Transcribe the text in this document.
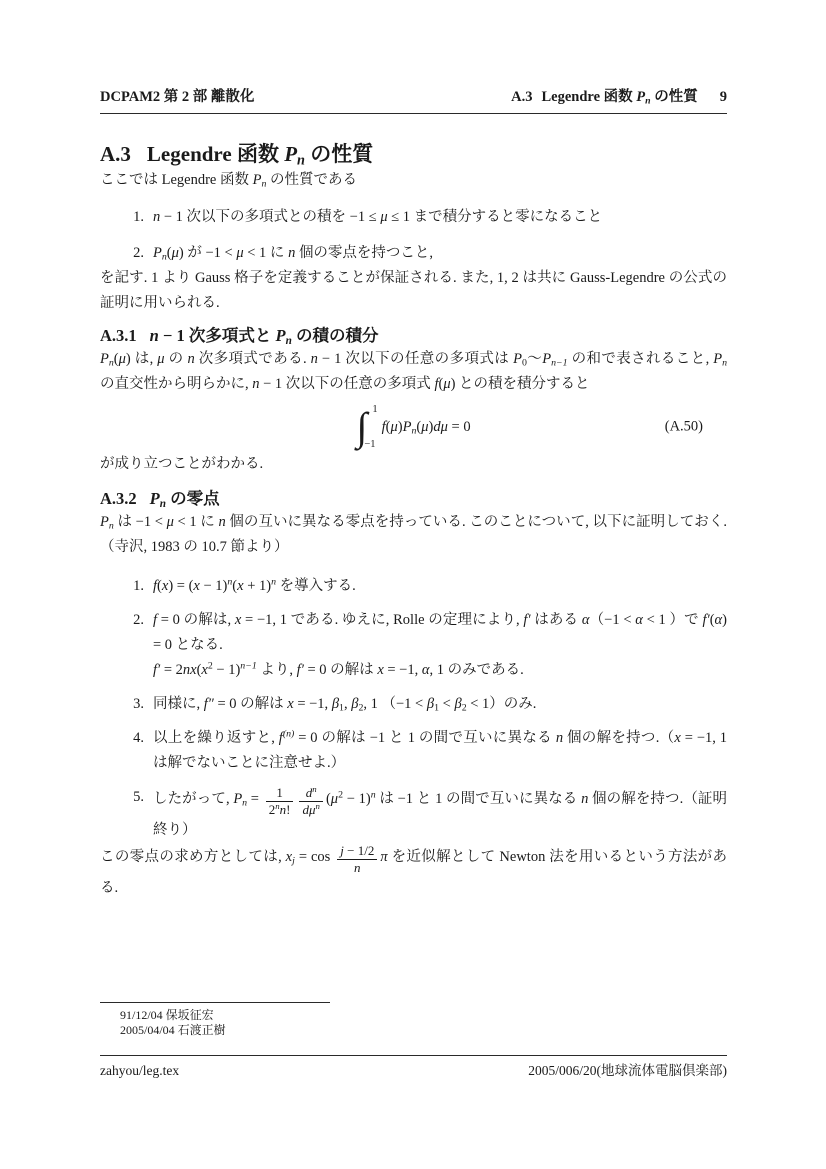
DCPAM2 第 2 部 離散化	A.3 Legendre 函数 $P_n$ の性質 9
A.3 Legendre 函数 $P_n$ の性質

ここでは Legendre 函数 $P_n$ の性質である

1. n − 1 次以下の多項式との積を −1 ≤ μ ≤ 1 まで積分すると零になること
2. $P_n(\mu)$ が −1 < μ < 1 に n 個の零点を持つこと,

を記す. 1 より Gauss 格子を定義することが保証される. また, 1, 2 は共に Gauss-Legendre の公式の証明に用いられる.

A.3.1 n − 1 次多項式と $P_n$ の積の積分

$P_n(\mu)$ は, μ の n 次多項式である. n − 1 次以下の任意の多項式は $P_0$〜$P_{n-1}$ の和で表されること, $P_n$ の直交性から明らかに, n − 1 次以下の任意の多項式 f(μ) との積を積分すると

∫ 1
−1
$f(\mu)P_n(\mu)d\mu = 0$	(A.50)

が成り立つことがわかる.

A.3.2 $P_n$ の零点

$P_n$ は −1 < μ < 1 に n 個の互いに異なる零点を持っている. このことについて, 以下に証明しておく. （寺沢, 1983 の 10.7 節より）

1. $f(x) = (x - 1)^n(x + 1)^n$ を導入する.
2. f = 0 の解は, x = −1, 1 である. ゆえに, Rolle の定理により, f′ はある α（−1 < α < 1 ）で f′(α) = 0 となる.
$f' = 2nx(x^2 - 1)^{n-1}$ より, f′ = 0 の解は x = −1, α, 1 のみである.
3. 同様に, f″ = 0 の解は x = −1, $\beta_1$, $\beta_2$, 1 $(-1 < \beta_1 < \beta_2 < 1)$のみ.
4. 以上を繰り返すと, $f^{(n)} = 0$ の解は −1 と 1 の間で互いに異なる n 個の解を持つ.（x = −1, 1 は解でないことに注意せよ.）
5. したがって, $P_n = \frac{1}{2^nn!} \frac{d^n}{d\mu^n} (\mu^2 - 1)^n$ は −1 と 1 の間で互いに異なる n 個の解を持つ.（証明終り）

この零点の求め方としては, $x_j = \cos \frac{j - 1/2}{n}$ π を近似解として Newton 法を用いるという方法がある.

91/12/04 保坂征宏
2005/04/04 石渡正樹
zahyou/leg.tex	2005/006/20(地球流体電脳倶楽部)
